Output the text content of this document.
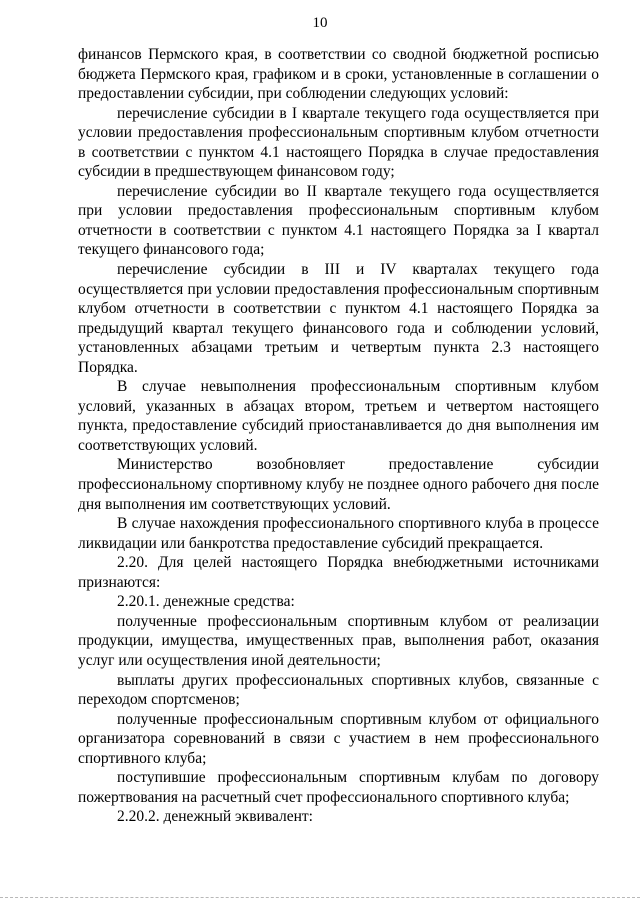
10

финансов Пермского края, в соответствии со сводной бюджетной росписью бюджета Пермского края, графиком и в сроки, установленные в соглашении о предоставлении субсидии, при соблюдении следующих условий:

перечисление субсидии в I квартале текущего года осуществляется при условии предоставления профессиональным спортивным клубом отчетности в соответствии с пунктом 4.1 настоящего Порядка в случае предоставления субсидии в предшествующем финансовом году;

перечисление субсидии во II квартале текущего года осуществляется при условии предоставления профессиональным спортивным клубом отчетности в соответствии с пунктом 4.1 настоящего Порядка за I квартал текущего финансового года;

перечисление субсидии в III и IV кварталах текущего года осуществляется при условии предоставления профессиональным спортивным клубом отчетности в соответствии с пунктом 4.1 настоящего Порядка за предыдущий квартал текущего финансового года и соблюдении условий, установленных абзацами третьим и четвертым пункта 2.3 настоящего Порядка.

В случае невыполнения профессиональным спортивным клубом условий, указанных в абзацах втором, третьем и четвертом настоящего пункта, предоставление субсидий приостанавливается до дня выполнения им соответствующих условий.

Министерство возобновляет предоставление субсидии профессиональному спортивному клубу не позднее одного рабочего дня после дня выполнения им соответствующих условий.

В случае нахождения профессионального спортивного клуба в процессе ликвидации или банкротства предоставление субсидий прекращается.

2.20. Для целей настоящего Порядка внебюджетными источниками признаются:

2.20.1. денежные средства:

полученные профессиональным спортивным клубом от реализации продукции, имущества, имущественных прав, выполнения работ, оказания услуг или осуществления иной деятельности;

выплаты других профессиональных спортивных клубов, связанные с переходом спортсменов;

полученные профессиональным спортивным клубом от официального организатора соревнований в связи с участием в нем профессионального спортивного клуба;

поступившие профессиональным спортивным клубам по договору пожертвования на расчетный счет профессионального спортивного клуба;

2.20.2. денежный эквивалент:
